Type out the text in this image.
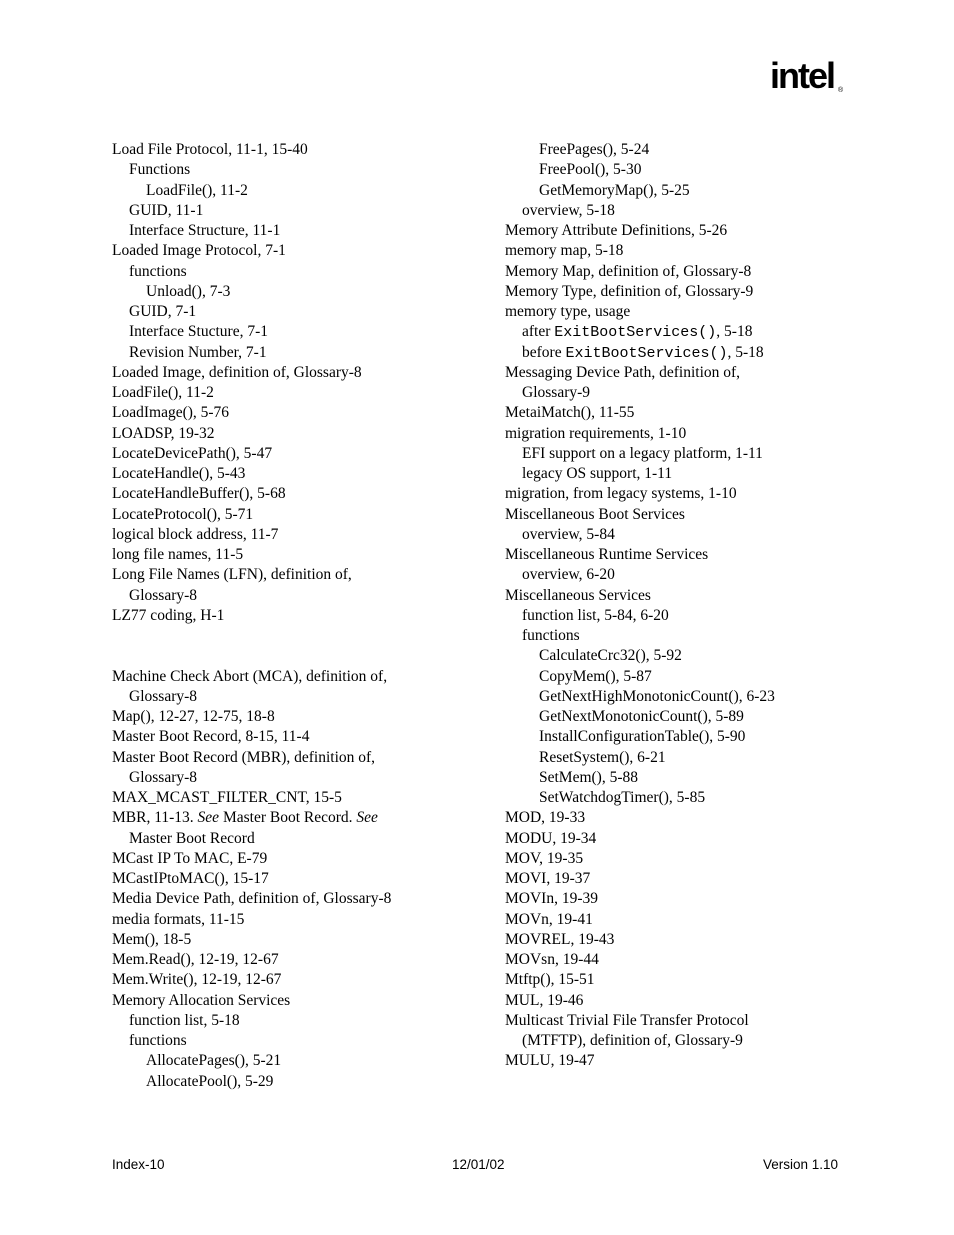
intel ®
Load File Protocol, 11-1, 15-40
Functions
LoadFile(), 11-2
GUID, 11-1
Interface Structure, 11-1
Loaded Image Protocol, 7-1
functions
Unload(), 7-3
GUID, 7-1
Interface Stucture, 7-1
Revision Number, 7-1
Loaded Image, definition of, Glossary-8
LoadFile(), 11-2
LoadImage(), 5-76
LOADSP, 19-32
LocateDevicePath(), 5-47
LocateHandle(), 5-43
LocateHandleBuffer(), 5-68
LocateProtocol(), 5-71
logical block address, 11-7
long file names, 11-5
Long File Names (LFN), definition of,
Glossary-8
LZ77 coding, H-1
Machine Check Abort (MCA), definition of,
Glossary-8
Map(), 12-27, 12-75, 18-8
Master Boot Record, 8-15, 11-4
Master Boot Record (MBR), definition of,
Glossary-8
MAX_MCAST_FILTER_CNT, 15-5
MBR, 11-13. See Master Boot Record. See
Master Boot Record
MCast IP To MAC, E-79
MCastIPtoMAC(), 15-17
Media Device Path, definition of, Glossary-8
media formats, 11-15
Mem(), 18-5
Mem.Read(), 12-19, 12-67
Mem.Write(), 12-19, 12-67
Memory Allocation Services
function list, 5-18
functions
AllocatePages(), 5-21
AllocatePool(), 5-29
FreePages(), 5-24
FreePool(), 5-30
GetMemoryMap(), 5-25
overview, 5-18
Memory Attribute Definitions, 5-26
memory map, 5-18
Memory Map, definition of, Glossary-8
Memory Type, definition of, Glossary-9
memory type, usage
after ExitBootServices(), 5-18
before ExitBootServices(), 5-18
Messaging Device Path, definition of,
Glossary-9
MetaiMatch(), 11-55
migration requirements, 1-10
EFI support on a legacy platform, 1-11
legacy OS support, 1-11
migration, from legacy systems, 1-10
Miscellaneous Boot Services
overview, 5-84
Miscellaneous Runtime Services
overview, 6-20
Miscellaneous Services
function list, 5-84, 6-20
functions
CalculateCrc32(), 5-92
CopyMem(), 5-87
GetNextHighMonotonicCount(), 6-23
GetNextMonotonicCount(), 5-89
InstallConfigurationTable(), 5-90
ResetSystem(), 6-21
SetMem(), 5-88
SetWatchdogTimer(), 5-85
MOD, 19-33
MODU, 19-34
MOV, 19-35
MOVI, 19-37
MOVIn, 19-39
MOVn, 19-41
MOVREL, 19-43
MOVsn, 19-44
Mtftp(), 15-51
MUL, 19-46
Multicast Trivial File Transfer Protocol
(MTFTP), definition of, Glossary-9
MULU, 19-47
Index-10	12/01/02	Version 1.10
